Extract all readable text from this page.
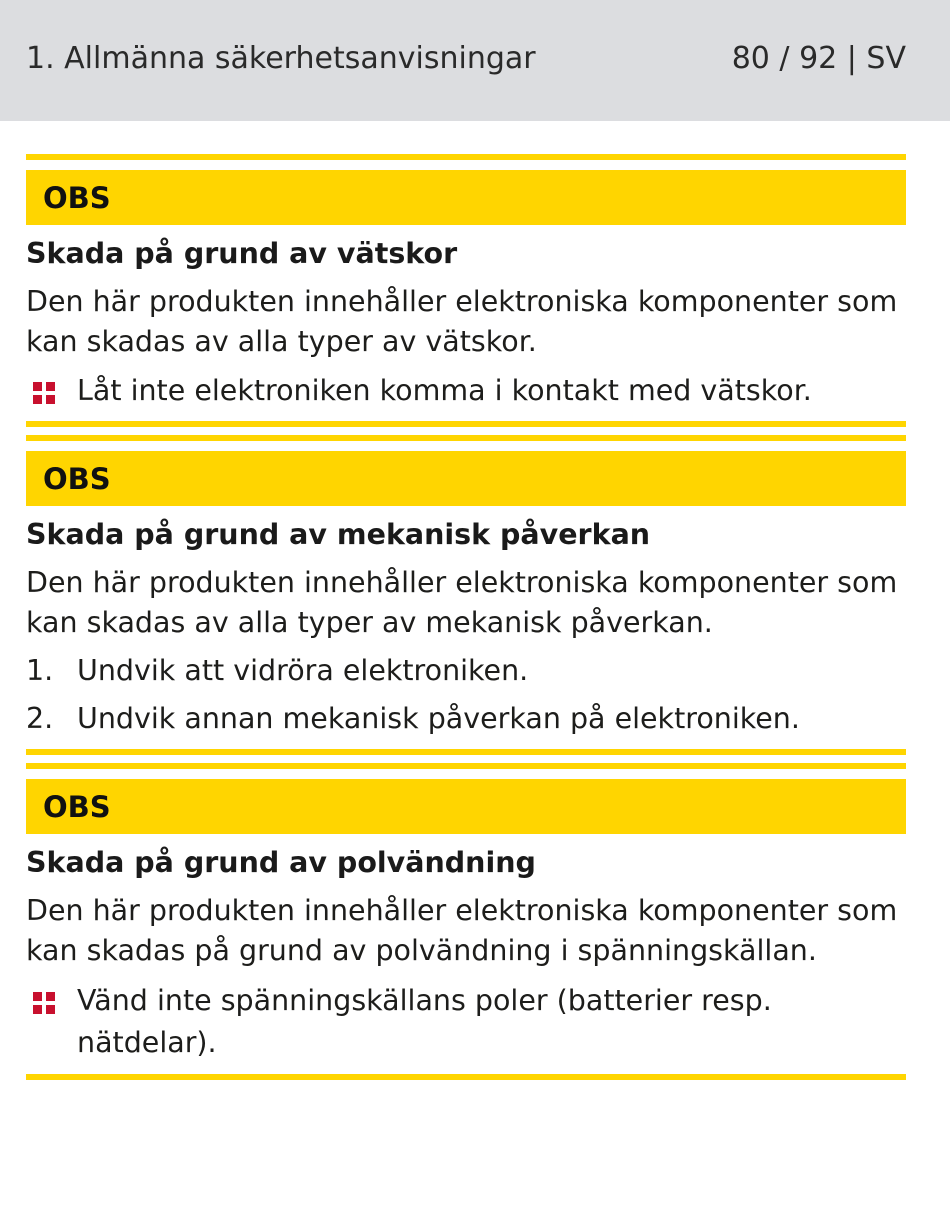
1. Allmänna säkerhetsanvisningar	80 / 92 | SV
OBS
Skada på grund av vätskor
Den här produkten innehåller elektroniska komponenter som kan skadas av alla typer av vätskor.
Låt inte elektroniken komma i kontakt med vätskor.
OBS
Skada på grund av mekanisk påverkan
Den här produkten innehåller elektroniska komponenter som kan skadas av alla typer av mekanisk påverkan.
1. Undvik att vidröra elektroniken.
2. Undvik annan mekanisk påverkan på elektroniken.
OBS
Skada på grund av polvändning
Den här produkten innehåller elektroniska komponenter som kan skadas på grund av polvändning i spänningskällan.
Vänd inte spänningskällans poler (batterier resp. nätdelar).
